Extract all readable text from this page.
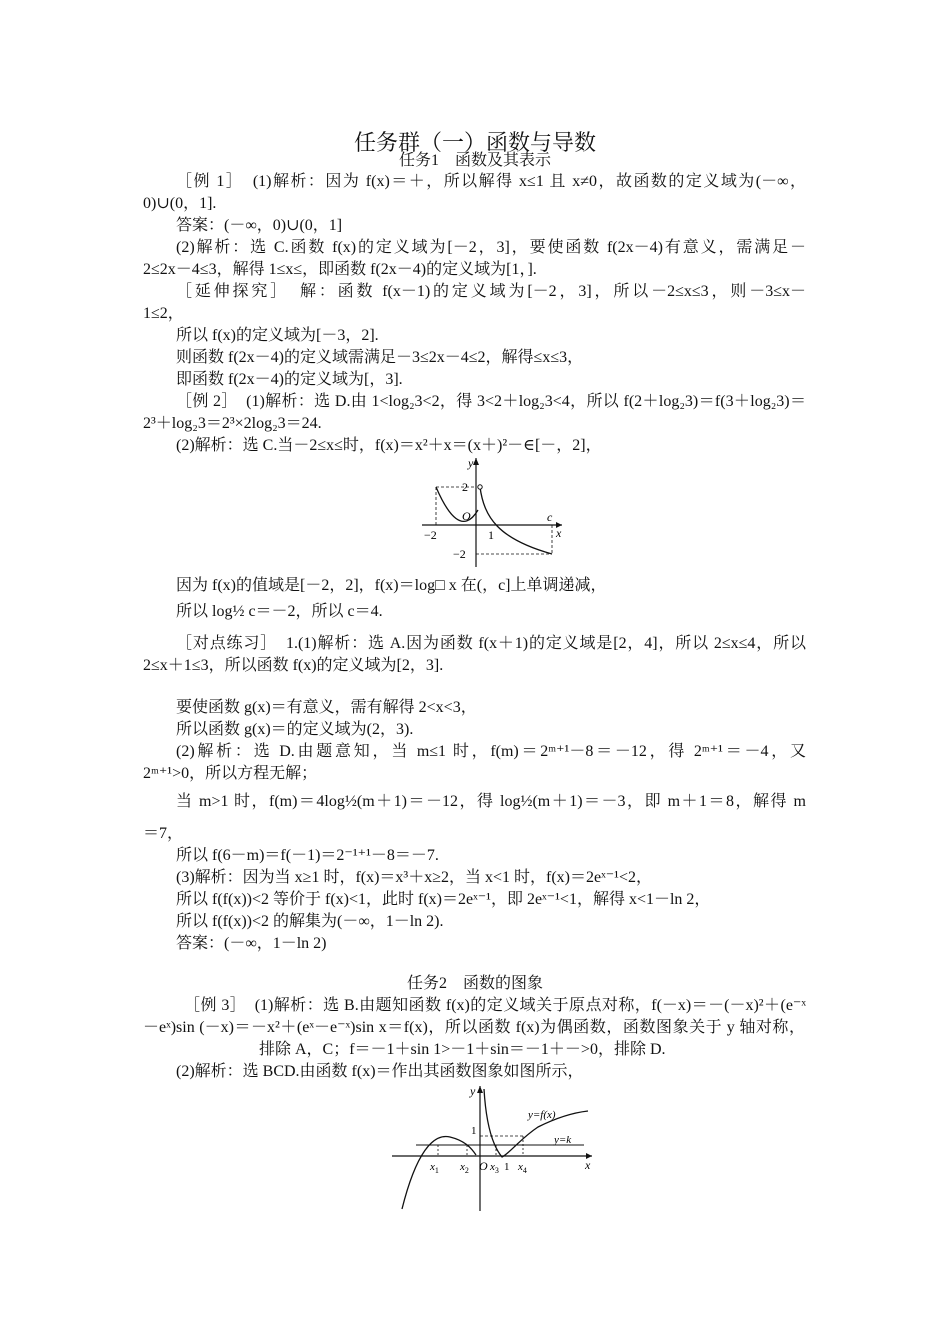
任务群（一）函数与导数
任务1　函数及其表示
［例 1］　(1)解析：因为 f(x)＝＋，所以解得 x≤1 且 x≠0，故函数的定义域为(－∞，
0)∪(0，1].
答案：(－∞，0)∪(0，1]
(2)解析：选 C.函数 f(x)的定义域为[－2，3]，要使函数 f(2x－4)有意义，需满足－
2≤2x－4≤3，解得 1≤x≤，即函数 f(2x－4)的定义域为[1，].
［延伸探究］　解：函数 f(x－1)的定义域为[－2，3]，所以－2≤x≤3，则－3≤x－
1≤2，
所以 f(x)的定义域为[－3，2].
则函数 f(2x－4)的定义域需满足－3≤2x－4≤2，解得≤x≤3，
即函数 f(2x－4)的定义域为[，3].
［例 2］　(1)解析：选 D.由 1<log₂3<2，得 3<2＋log₂3<4，所以 f(2＋log₂3)＝f(3＋log₂3)＝
2³＋log₂3＝2³×2log₂3＝24.
(2)解析：选 C.当－2≤x≤时，f(x)＝x²＋x＝(x＋)²－∈[－，2]，
y
x
O
2
−2
−2	1
c
因为 f(x)的值域是[－2，2]，f(x)＝log□ x 在(，c]上单调递减，
所以 log½ c＝－2，所以 c＝4.
［对点练习］　1.(1)解析：选 A.因为函数 f(x＋1)的定义域是[2，4]，所以 2≤x≤4，所以
2≤x＋1≤3，所以函数 f(x)的定义域为[2，3].
要使函数 g(x)＝有意义，需有解得 2<x<3，
所以函数 g(x)＝的定义域为(2，3).
(2)解析：选 D.由题意知，当 m≤1 时，f(m)＝2ᵐ⁺¹－8＝－12，得 2ᵐ⁺¹＝－4，又
2ᵐ⁺¹>0，所以方程无解；
当 m>1 时，f(m)＝4log½(m＋1)＝－12，得 log½(m＋1)＝－3，即 m＋1＝8，解得 m
＝7，
所以 f(6－m)＝f(－1)＝2⁻¹⁺¹－8＝－7.
(3)解析：因为当 x≥1 时，f(x)＝x³＋x≥2，当 x<1 时，f(x)＝2eˣ⁻¹<2，
所以 f(f(x))<2 等价于 f(x)<1，此时 f(x)＝2eˣ⁻¹，即 2eˣ⁻¹<1，解得 x<1－ln 2，
所以 f(f(x))<2 的解集为(－∞，1－ln 2).
答案：(－∞，1－ln 2)
任务2　函数的图象
［例 3］　(1)解析：选 B.由题知函数 f(x)的定义域关于原点对称，f(－x)＝－(－x)²＋(e⁻ˣ
－eˣ)sin (－x)＝－x²＋(eˣ－e⁻ˣ)sin x＝f(x)，所以函数 f(x)为偶函数，函数图象关于 y 轴对称，
排除 A，C；f＝－1＋sin 1>－1＋sin＝－1＋－>0，排除 D.
(2)解析：选 BCD.由函数 f(x)＝作出其函数图象如图所示，
y
x
O
1
1
$x_1$ $x_2$ $x_3$ $x_4$
y=f(x)
y=k
